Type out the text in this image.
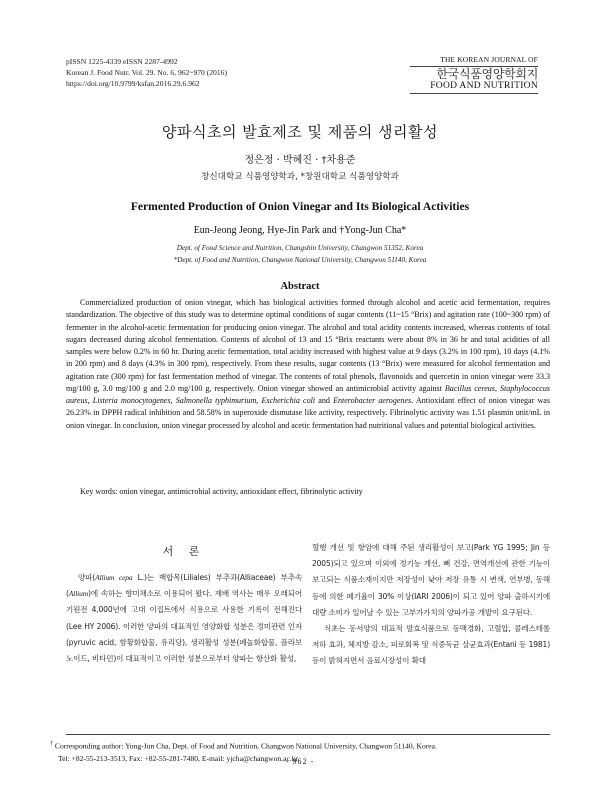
pISSN 1225-4339 eISSN 2287-4992
Korean J. Food Nutr. Vol. 29. No. 6, 962~970 (2016)
https://doi.org/10.9799/ksfan.2016.29.6.962
THE KOREAN JOURNAL OF
한국식품영양학회지
FOOD AND NUTRITION
양파식초의 발효제조 및 제품의 생리활성
정은정 · 박혜진 · †차용준
창신대학교 식품영양학과, *창원대학교 식품영양학과
Fermented Production of Onion Vinegar and Its Biological Activities
Eun-Jeong Jeong, Hye-Jin Park and †Yong-Jun Cha*
Dept. of Food Science and Nutrition, Changshin University, Changwon 51352, Korea
*Dept. of Food and Nutrition, Changwon National University, Changwon 51140, Korea
Abstract
Commercialized production of onion vinegar, which has biological activities formed through alcohol and acetic acid fermentation, requires standardization. The objective of this study was to determine optimal conditions of sugar contents (11~15 °Brix) and agitation rate (100~300 rpm) of fermenter in the alcohol-acetic fermentation for producing onion vinegar. The alcohol and total acidity contents increased, whereas contents of total sugars decreased during alcohol fermentation. Contents of alcohol of 13 and 15 °Brix reactants were about 8% in 36 hr and total acidities of all samples were below 0.2% in 60 hr. During acetic fermentation, total acidity increased with highest value at 9 days (3.2% in 100 rpm), 10 days (4.1% in 200 rpm) and 8 days (4.3% in 300 rpm), respectively. From these results, sugar contents (13 °Brix) were measured for alcohol fermentation and agitation rate (300 rpm) for fast fermentation method of vinegar. The contents of total phenols, flavonoids and quercetin in onion vinegar were 33.3 mg/100 g, 3.0 mg/100 g and 2.0 mg/100 g, respectively. Onion vinegar showed an antimicrobial activity against Bacillus cereus, Staphylococcus aureus, Listeria monocytogenes, Salmonella typhimurium, Escherichia coli and Enterobacter aerogenes. Antioxidant effect of onion vinegar was 26.23% in DPPH radical inhibition and 58.58% in superoxide dismutase like activity, respectively. Fibrinolytic activity was 1.51 plasmin unit/mL in onion vinegar. In conclusion, onion vinegar processed by alcohol and acetic fermentation had nutritional values and potential biological activities.
Key words: onion vinegar, antimicrobial activity, antioxidant effect, fibrinolytic activity
서 론
양파(Allium cepa L.)는 백합목(Liliales) 부추과(Alliaceae) 부추속(Allium)에 속하는 향미채소로 이용되어 왔다. 재배 역사는 매우 오래되어 기원전 4,000년에 고대 이집트에서 식용으로 사용한 기록이 전해진다(Lee HY 2006). 이러한 양파의 대표적인 영양화합 성분은 정미관련 인자(pyruvic acid, 함황화합물, 유리당), 생리활성 성분(페놀화합물, 플라보노이드, 비타민)이 대표적이고 이러한 성분으로부터 양파는 항산화 활성,
혈행 개선 및 항암에 대해 주된 생리활성이 보고(Park YG 1995; Jin 등 2005)되고 있으며 이외에 정기능 개선, 뼈 건강, 면역개선에 관한 기능이 보고되는 식품소재이지만 저장성이 낮아 저장 유통 시 변색, 연부병, 동해 등에 의한 폐기율이 30% 이상(IARI 2006)이 되고 있어 양파 출하시기에 대량 소비가 일어날 수 있는 고부가가치의 양파가공 개발이 요구된다.
식초는 동서양의 대표적 발효식품으로 동맥경화, 고혈압, 콜레스테롤 저하 효과, 체지방 감소, 피로회복 및 식중독균 살균효과(Entani 등 1981) 등이 밝혀지면서 음료시장성이 확대
† Corresponding author: Yong-Jun Cha, Dept. of Food and Nutrition, Changwon National University, Changwon 51140, Korea.
Tel: +82-55-213-3513, Fax: +82-55-281-7480, E-mail: yjcha@changwon.ac.kr
- 962 -
